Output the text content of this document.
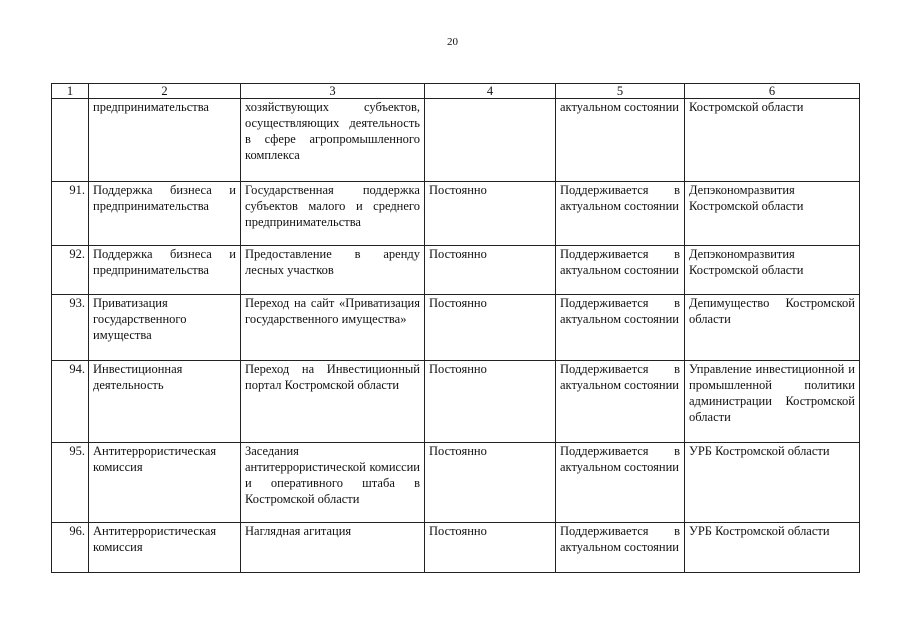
20
1	2	3	4	5	6
	предпринимательства	хозяйствующих субъектов, осуществляющих деятельность в сфере агропромышленного комплекса		актуальном состоянии	Костромской области
91.	Поддержка бизнеса и предпринимательства	Государственная поддержка субъектов малого и среднего предпринимательства	Постоянно	Поддерживается в актуальном состоянии	Депэкономразвития Костромской области
92.	Поддержка бизнеса и предпринимательства	Предоставление в аренду лесных участков	Постоянно	Поддерживается в актуальном состоянии	Депэкономразвития Костромской области
93.	Приватизация государственного имущества	Переход на сайт «Приватизация государственного имущества»	Постоянно	Поддерживается в актуальном состоянии	Депимущество Костромской области
94.	Инвестиционная деятельность	Переход на Инвестиционный портал Костромской области	Постоянно	Поддерживается в актуальном состоянии	Управление инвестиционной и промышленной политики администрации Костромской области
95.	Антитеррористическая комиссия	Заседания антитеррористической комиссии и оперативного штаба в Костромской области	Постоянно	Поддерживается в актуальном состоянии	УРБ Костромской области
96.	Антитеррористическая комиссия	Наглядная агитация	Постоянно	Поддерживается в актуальном состоянии	УРБ Костромской области
